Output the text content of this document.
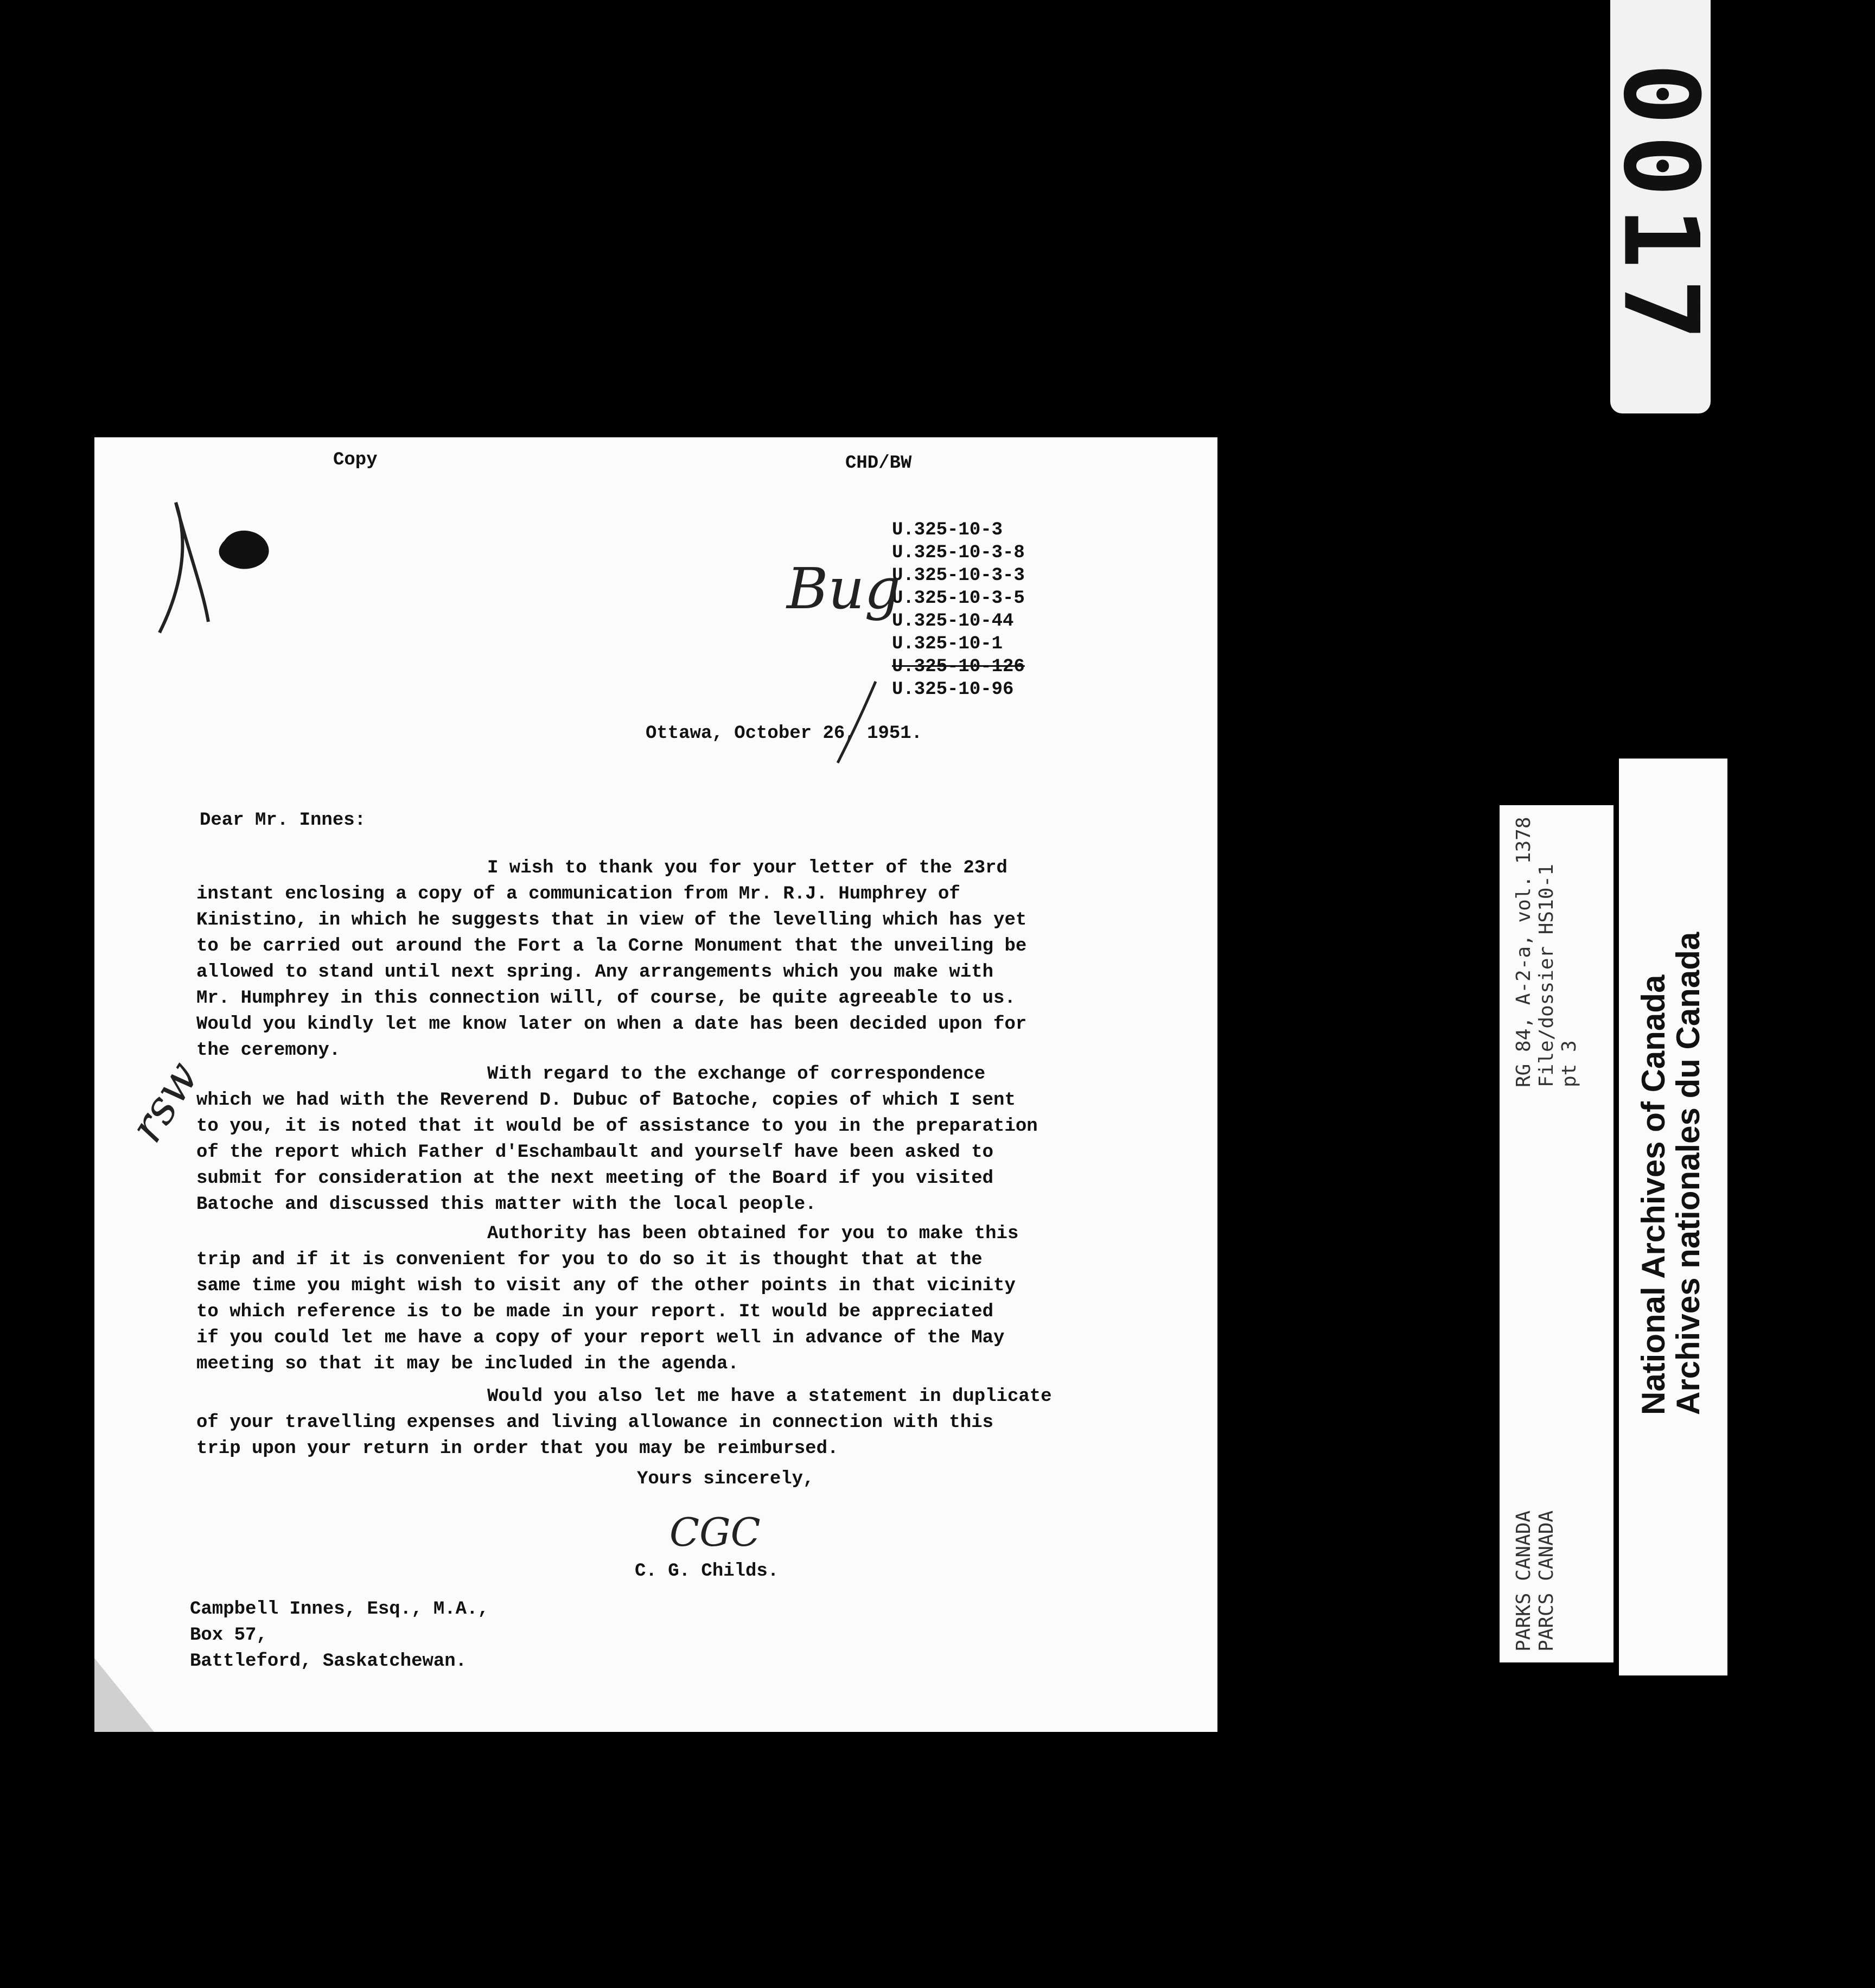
0017
RG 84, A-2-a, vol. 1378 File/dossier HS10-1 pt 3
PARKS CANADA PARCS CANADA
National Archives of Canada
Archives nationales du Canada
Copy	CHD/BW
U.325-10-3
U.325-10-3-8
U.325-10-3-3
U.325-10-3-5
U.325-10-44
U.325-10-1
U.325-10-126
U.325-10-96
Ottawa, October 26, 1951.
Dear Mr. Innes:
I wish to thank you for your letter of the 23rd
instant enclosing a copy of a communication from Mr. R.J. Humphrey of
Kinistino, in which he suggests that in view of the levelling which has yet
to be carried out around the Fort a la Corne Monument that the unveiling be
allowed to stand until next spring. Any arrangements which you make with
Mr. Humphrey in this connection will, of course, be quite agreeable to us.
Would you kindly let me know later on when a date has been decided upon for
the ceremony.
With regard to the exchange of correspondence
which we had with the Reverend D. Dubuc of Batoche, copies of which I sent
to you, it is noted that it would be of assistance to you in the preparation
of the report which Father d'Eschambault and yourself have been asked to
submit for consideration at the next meeting of the Board if you visited
Batoche and discussed this matter with the local people.
Authority has been obtained for you to make this
trip and if it is convenient for you to do so it is thought that at the
same time you might wish to visit any of the other points in that vicinity
to which reference is to be made in your report. It would be appreciated
if you could let me have a copy of your report well in advance of the May
meeting so that it may be included in the agenda.
Would you also let me have a statement in duplicate
of your travelling expenses and living allowance in connection with this
trip upon your return in order that you may be reimbursed.
Yours sincerely,
CGC
C. G. Childs.
Campbell Innes, Esq., M.A.,
Box 57,
Battleford, Saskatchewan.
Bug
rsw
